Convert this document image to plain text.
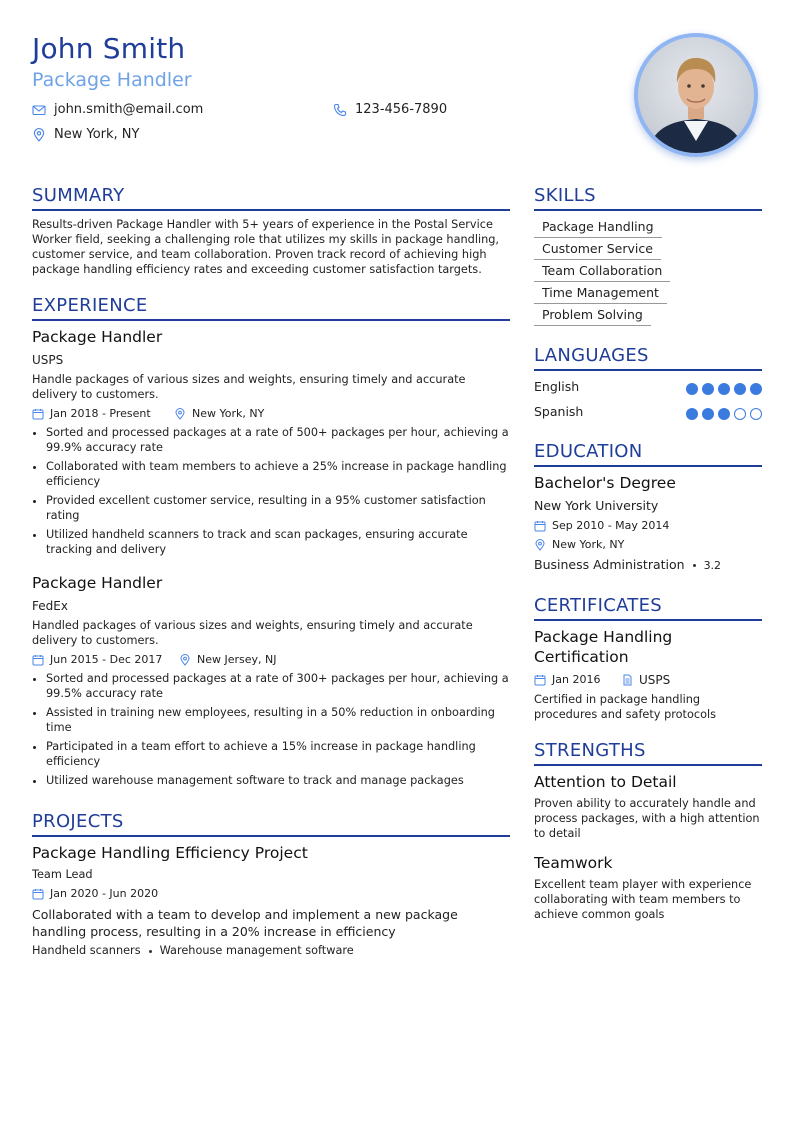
John Smith
Package Handler
john.smith@email.com	123-456-7890
New York, NY
SUMMARY
Results-driven Package Handler with 5+ years of experience in the Postal Service Worker field, seeking a challenging role that utilizes my skills in package handling, customer service, and team collaboration. Proven track record of achieving high package handling efficiency rates and exceeding customer satisfaction targets.
EXPERIENCE
Package Handler
USPS
Handle packages of various sizes and weights, ensuring timely and accurate delivery to customers.
Jan 2018 - Present	New York, NY
• Sorted and processed packages at a rate of 500+ packages per hour, achieving a 99.9% accuracy rate
• Collaborated with team members to achieve a 25% increase in package handling efficiency
• Provided excellent customer service, resulting in a 95% customer satisfaction rating
• Utilized handheld scanners to track and scan packages, ensuring accurate tracking and delivery
Package Handler
FedEx
Handled packages of various sizes and weights, ensuring timely and accurate delivery to customers.
Jun 2015 - Dec 2017	New Jersey, NJ
• Sorted and processed packages at a rate of 300+ packages per hour, achieving a 99.5% accuracy rate
• Assisted in training new employees, resulting in a 50% reduction in onboarding time
• Participated in a team effort to achieve a 15% increase in package handling efficiency
• Utilized warehouse management software to track and manage packages
PROJECTS
Package Handling Efficiency Project
Team Lead
Jan 2020 - Jun 2020
Collaborated with a team to develop and implement a new package handling process, resulting in a 20% increase in efficiency
Handheld scanners Warehouse management software
SKILLS
Package Handling
Customer Service
Team Collaboration
Time Management
Problem Solving
LANGUAGES
English
Spanish
EDUCATION
Bachelor's Degree
New York University
Sep 2010 - May 2014
New York, NY
Business Administration 3.2
CERTIFICATES
Package Handling
Certification
Jan 2016	USPS
Certified in package handling procedures and safety protocols
STRENGTHS
Attention to Detail
Proven ability to accurately handle and process packages, with a high attention to detail
Teamwork
Excellent team player with experience collaborating with team members to achieve common goals
